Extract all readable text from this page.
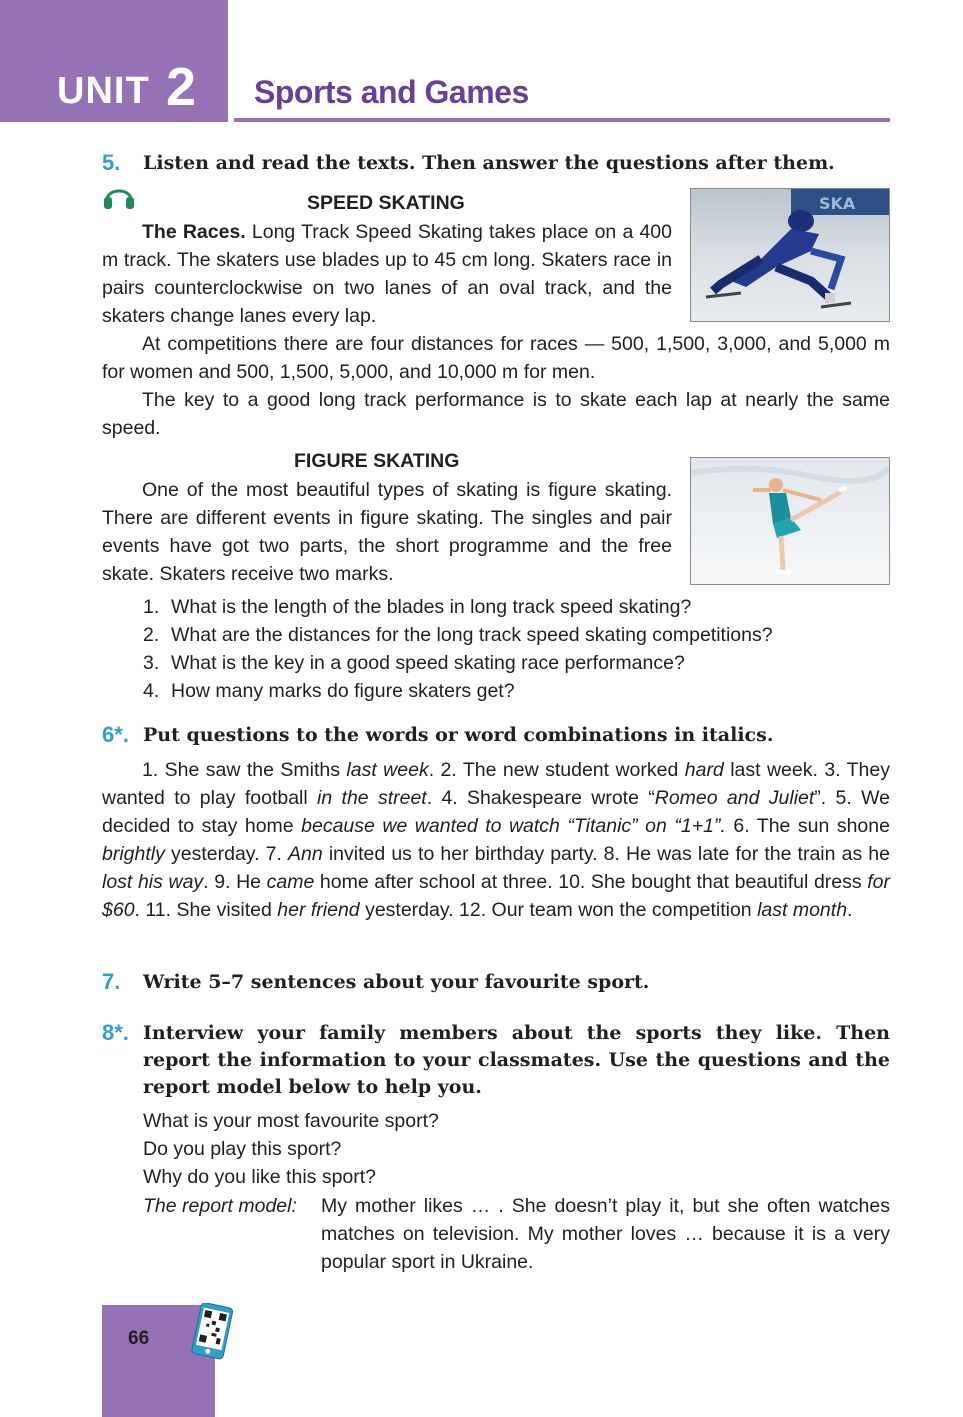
UNIT 2 Sports and Games
5. Listen and read the texts. Then answer the questions after them.
SPEED SKATING

The Races. Long Track Speed Skating takes place on a 400 m track. The skaters use blades up to 45 cm long. Skaters race in pairs counterclockwise on two lanes of an oval track, and the skaters change lanes every lap.

SKA

At competitions there are four distances for races — 500, 1,500, 3,000, and 5,000 m for women and 500, 1,500, 5,000, and 10,000 m for men.

The key to a good long track performance is to skate each lap at nearly the same speed.

FIGURE SKATING

One of the most beautiful types of skating is figure skating. There are different events in figure skating. The singles and pair events have got two parts, the short programme and the free skate. Skaters receive two marks.

1. What is the length of the blades in long track speed skating?
2. What are the distances for the long track speed skating competitions?
3. What is the key in a good speed skating race performance?
4. How many marks do figure skaters get?
6*. Put questions to the words or word combinations in italics.

1. She saw the Smiths last week. 2. The new student worked hard last week. 3. They wanted to play football in the street. 4. Shakespeare wrote “Romeo and Juliet”. 5. We decided to stay home because we wanted to watch “Titanic” on “1+1”. 6. The sun shone brightly yesterday. 7. Ann invited us to her birthday party. 8. He was late for the train as he lost his way. 9. He came home after school at three. 10. She bought that beautiful dress for $60. 11. She visited her friend yesterday. 12. Our team won the competition last month.

7. Write 5–7 sentences about your favourite sport.
8*. Interview your family members about the sports they like. Then report the information to your classmates. Use the questions and the report model below to help you.

What is your most favourite sport?

Do you play this sport?

Why do you like this sport?

The report model: My mother likes … . She doesn’t play it, but she often watches matches on television. My mother loves … because it is a very popular sport in Ukraine.
66
